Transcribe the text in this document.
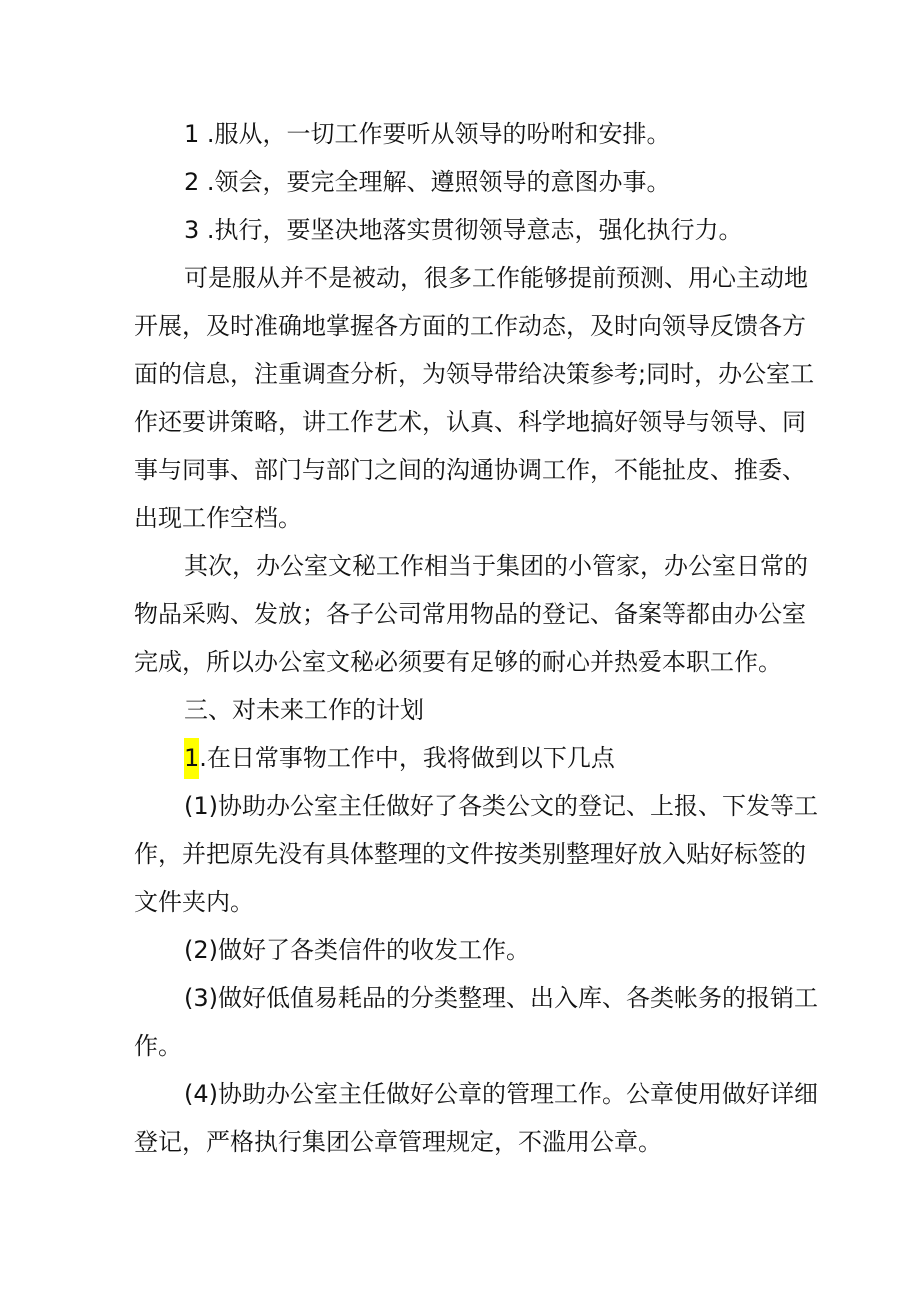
1 .服从，一切工作要听从领导的吩咐和安排。
2 .领会，要完全理解、遵照领导的意图办事。
3 .执行，要坚决地落实贯彻领导意志，强化执行力。
可是服从并不是被动，很多工作能够提前预测、用心主动地
开展，及时准确地掌握各方面的工作动态，及时向领导反馈各方
面的信息，注重调查分析，为领导带给决策参考;同时，办公室工
作还要讲策略，讲工作艺术，认真、科学地搞好领导与领导、同
事与同事、部门与部门之间的沟通协调工作，不能扯皮、推委、
出现工作空档。
其次，办公室文秘工作相当于集团的小管家，办公室日常的
物品采购、发放；各子公司常用物品的登记、备案等都由办公室
完成，所以办公室文秘必须要有足够的耐心并热爱本职工作。
三、对未来工作的计划
1.在日常事物工作中，我将做到以下几点
(1)协助办公室主任做好了各类公文的登记、上报、下发等工
作，并把原先没有具体整理的文件按类别整理好放入贴好标签的
文件夹内。
(2)做好了各类信件的收发工作。
(3)做好低值易耗品的分类整理、出入库、各类帐务的报销工
作。
(4)协助办公室主任做好公章的管理工作。公章使用做好详细
登记，严格执行集团公章管理规定，不滥用公章。
